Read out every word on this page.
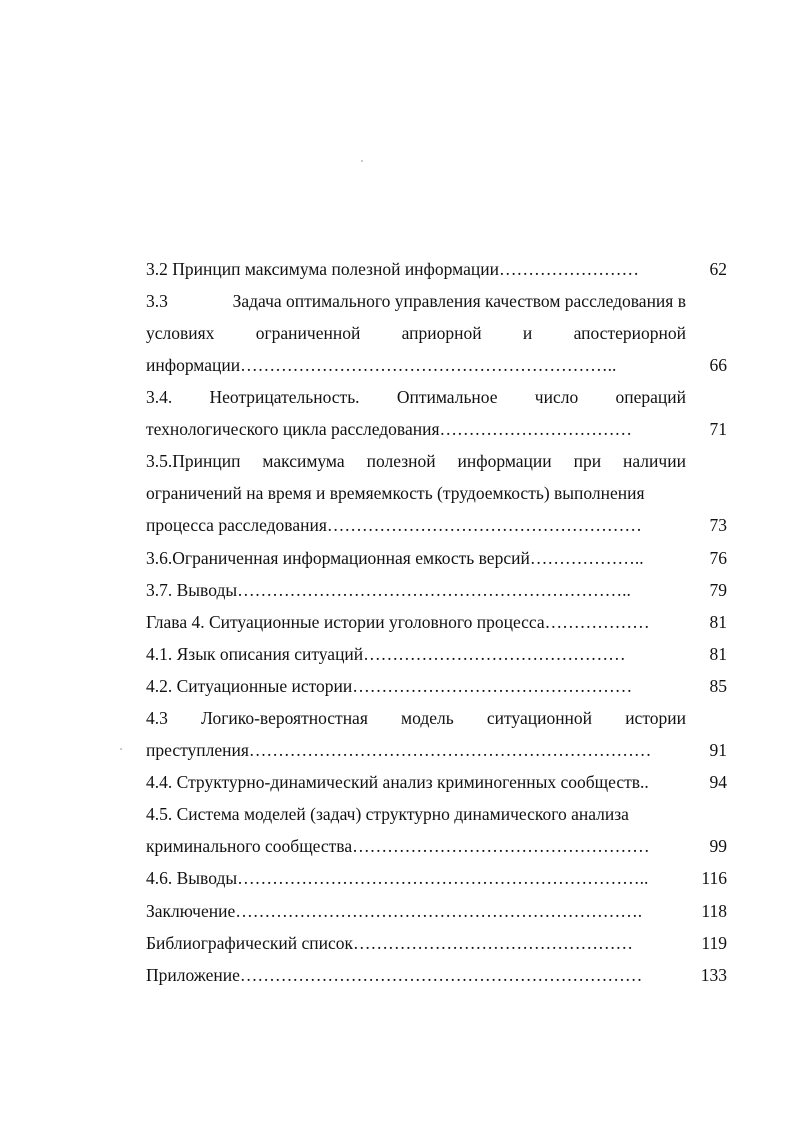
3.2 Принцип максимума полезной информации……………………	62
3.3	Задача оптимального управления качеством расследования в
условиях ограниченной априорной и апостериорной
информации………………………………………………………..	66
3.4. Неотрицательность. Оптимальное число операций
технологического цикла расследования……………………………	71
3.5.Принцип максимума полезной информации при наличии
ограничений на время и времяемкость (трудоемкость) выполнения
процесса расследования………………………………………………	73
3.6.Ограниченная информационная емкость версий………………..	76
3.7. Выводы…………………………………………………………..	79
Глава 4. Ситуационные истории уголовного процесса………………	81
4.1. Язык описания ситуаций………………………………………	81
4.2. Ситуационные истории…………………………………………	85
4.3 Логико-вероятностная модель ситуационной истории
преступления……………………………………………………………	91
4.4. Структурно-динамический анализ криминогенных сообществ..	94
4.5. Система моделей (задач) структурно динамического анализа
криминального сообщества……………………………………………	99
4.6. Выводы……………………………………………………………..	116
Заключение…………………………………………………………….	118
Библиографический список…………………………………………	119
Приложение……………………………………………………………	133
